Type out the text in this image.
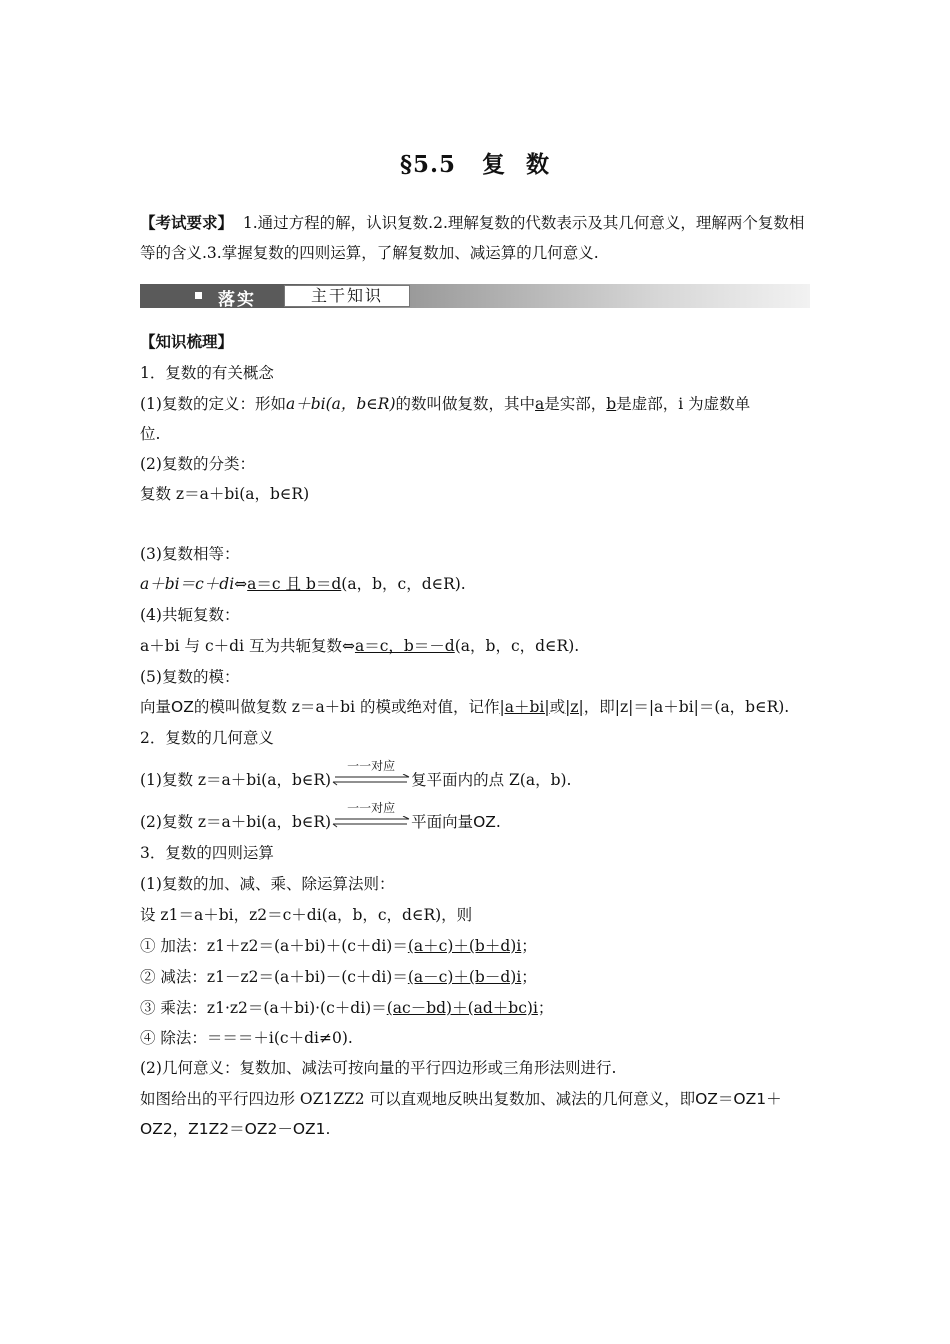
§5.5 复 数
【考试要求】 1.通过方程的解，认识复数.2.理解复数的代数表示及其几何意义，理解两个复数相等的含义.3.掌握复数的四则运算，了解复数加、减运算的几何意义.
落实	主干知识
【知识梳理】
1．复数的有关概念
(1)复数的定义：形如a＋bi(a，b∈R)的数叫做复数，其中a是实部，b是虚部，i 为虚数单
位.
(2)复数的分类：
复数 z＝a＋bi(a，b∈R)
(3)复数相等：
a＋bi＝c＋di⇔a＝c 且 b＝d(a，b，c，d∈R).
(4)共轭复数：
a＋bi 与 c＋di 互为共轭复数⇔a＝c，b＝－d(a，b，c，d∈R).
(5)复数的模：
向量OZ的模叫做复数 z＝a＋bi 的模或绝对值，记作|a＋bi|或|z|，即|z|＝|a＋bi|＝(a，b∈R).
2．复数的几何意义
(1)复数 z＝a＋bi(a，b∈R)
一一对应
复平面内的点 Z(a，b).
(2)复数 z＝a＋bi(a，b∈R)
一一对应
平面向量OZ.
3．复数的四则运算
(1)复数的加、减、乘、除运算法则：
设 z1＝a＋bi，z2＝c＋di(a，b，c，d∈R)，则
① 加法：z1＋z2＝(a＋bi)＋(c＋di)＝(a＋c)＋(b＋d)i；
② 减法：z1－z2＝(a＋bi)－(c＋di)＝(a－c)＋(b－d)i；
③ 乘法：z1·z2＝(a＋bi)·(c＋di)＝(ac－bd)＋(ad＋bc)i；
④ 除法：＝＝＝＋i(c＋di≠0).
(2)几何意义：复数加、减法可按向量的平行四边形或三角形法则进行.
如图给出的平行四边形 OZ1ZZ2 可以直观地反映出复数加、减法的几何意义，即OZ＝OZ1＋
OZ2，Z1Z2＝OZ2－OZ1.
